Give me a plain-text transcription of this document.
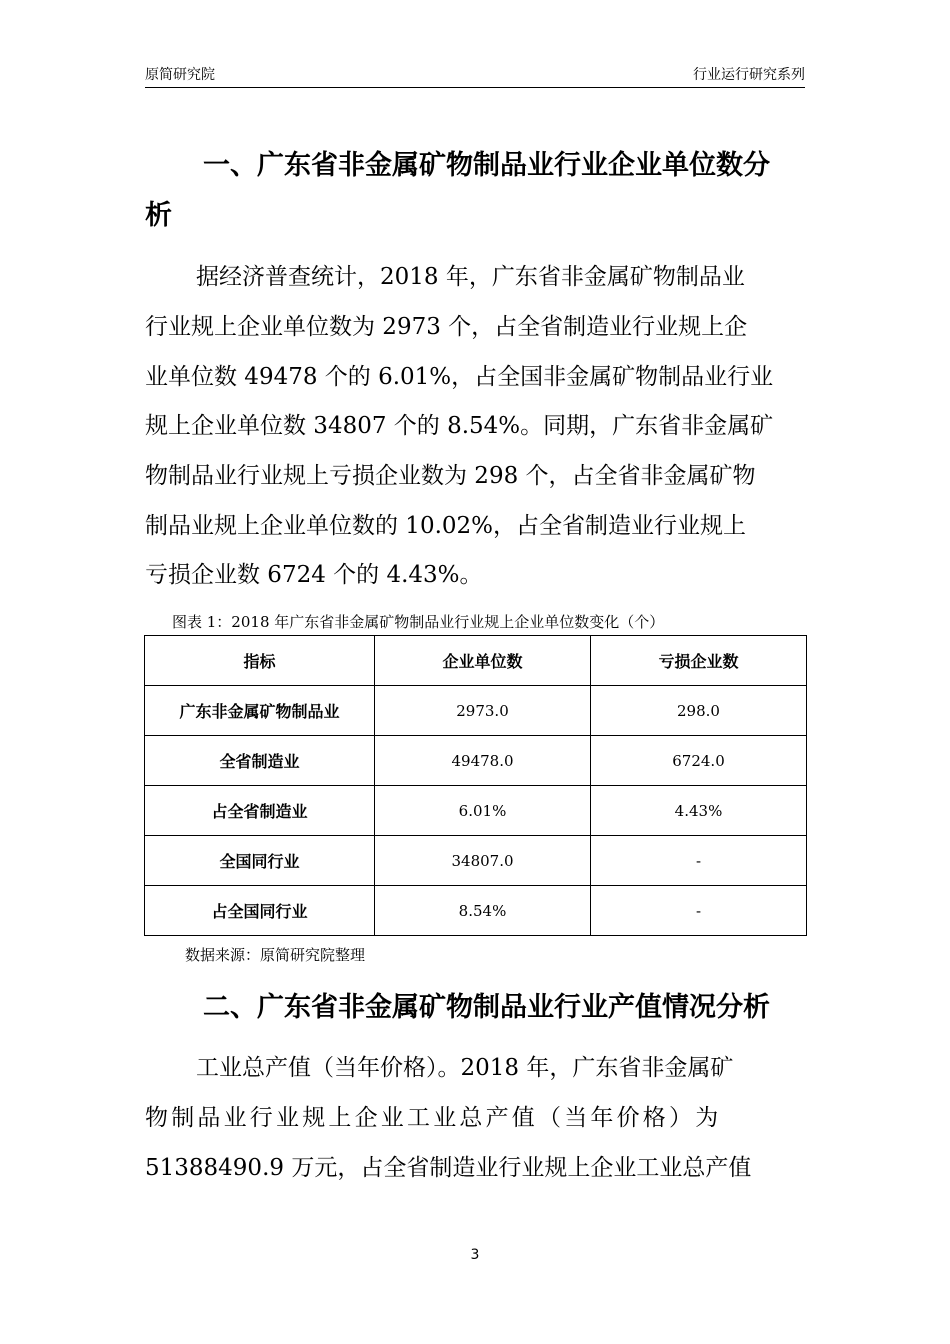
原简研究院	行业运行研究系列
一、广东省非金属矿物制品业行业企业单位数分
析
据经济普查统计，2018 年，广东省非金属矿物制品业
行业规上企业单位数为 2973 个，占全省制造业行业规上企
业单位数 49478 个的 6.01%，占全国非金属矿物制品业行业
规上企业单位数 34807 个的 8.54%。同期，广东省非金属矿
物制品业行业规上亏损企业数为 298 个，占全省非金属矿物
制品业规上企业单位数的 10.02%，占全省制造业行业规上
亏损企业数 6724 个的 4.43%。
图表 1：2018 年广东省非金属矿物制品业行业规上企业单位数变化（个）
指标	企业单位数	亏损企业数
广东非金属矿物制品业	2973.0	298.0
全省制造业	49478.0	6724.0
占全省制造业	6.01%	4.43%
全国同行业	34807.0	-
占全国同行业	8.54%	-
数据来源：原简研究院整理
二、广东省非金属矿物制品业行业产值情况分析
工业总产值（当年价格）。2018 年，广东省非金属矿
物制品业行业规上企业工业总产值（当年价格）为
51388490.9 万元，占全省制造业行业规上企业工业总产值
3
